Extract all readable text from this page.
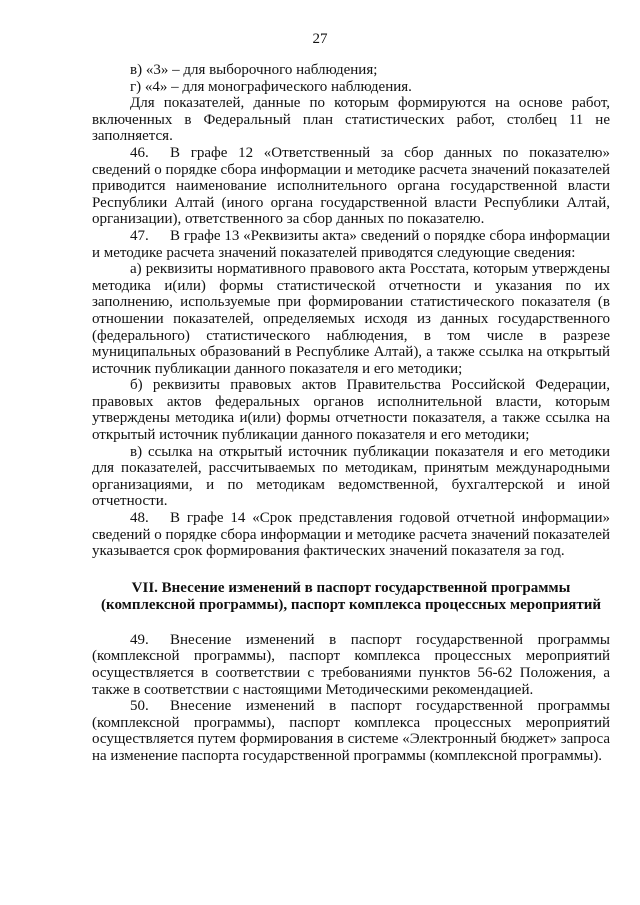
27

в) «3» – для выборочного наблюдения;

г) «4» – для монографического наблюдения.

Для показателей, данные по которым формируются на основе работ, включенных в Федеральный план статистических работ, столбец 11 не заполняется.

46. В графе 12 «Ответственный за сбор данных по показателю» сведений о порядке сбора информации и методике расчета значений показателей приводится наименование исполнительного органа государственной власти Республики Алтай (иного органа государственной власти Республики Алтай, организации), ответственного за сбор данных по показателю.

47. В графе 13 «Реквизиты акта» сведений о порядке сбора информации и методике расчета значений показателей приводятся следующие сведения:

а) реквизиты нормативного правового акта Росстата, которым утверждены методика и(или) формы статистической отчетности и указания по их заполнению, используемые при формировании статистического показателя (в отношении показателей, определяемых исходя из данных государственного (федерального) статистического наблюдения, в том числе в разрезе муниципальных образований в Республике Алтай), а также ссылка на открытый источник публикации данного показателя и его методики;

б) реквизиты правовых актов Правительства Российской Федерации, правовых актов федеральных органов исполнительной власти, которым утверждены методика и(или) формы отчетности показателя, а также ссылка на открытый источник публикации данного показателя и его методики;

в) ссылка на открытый источник публикации показателя и его методики для показателей, рассчитываемых по методикам, принятым международными организациями, и по методикам ведомственной, бухгалтерской и иной отчетности.

48. В графе 14 «Срок представления годовой отчетной информации» сведений о порядке сбора информации и методике расчета значений показателей указывается срок формирования фактических значений показателя за год.

VII. Внесение изменений в паспорт государственной программы
(комплексной программы), паспорт комплекса процессных мероприятий

49. Внесение изменений в паспорт государственной программы (комплексной программы), паспорт комплекса процессных мероприятий осуществляется в соответствии с требованиями пунктов 56-62 Положения, а также в соответствии с настоящими Методическими рекомендацией.

50. Внесение изменений в паспорт государственной программы (комплексной программы), паспорт комплекса процессных мероприятий осуществляется путем формирования в системе «Электронный бюджет» запроса на изменение паспорта государственной программы (комплексной программы).
